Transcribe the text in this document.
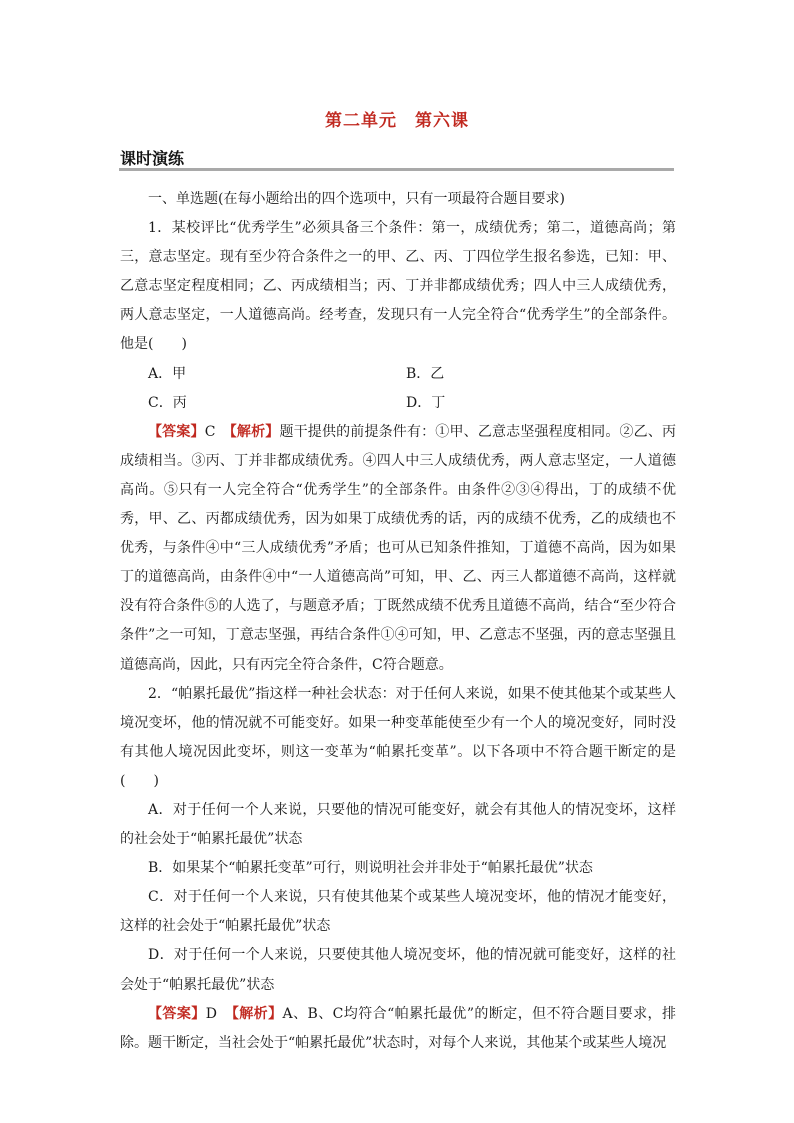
第二单元　第六课
课时演练

一、单选题(在每小题给出的四个选项中，只有一项最符合题目要求)

1．某校评比“优秀学生”必须具备三个条件：第一，成绩优秀；第二，道德高尚；第三，意志坚定。现有至少符合条件之一的甲、乙、丙、丁四位学生报名参选，已知：甲、乙意志坚定程度相同；乙、丙成绩相当；丙、丁并非都成绩优秀；四人中三人成绩优秀，两人意志坚定，一人道德高尚。经考查，发现只有一人完全符合“优秀学生”的全部条件。他是(　　)

A．甲	B．乙
C．丙	D．丁

【答案】C　 【解析】题干提供的前提条件有：①甲、乙意志坚强程度相同。②乙、丙成绩相当。③丙、丁并非都成绩优秀。④四人中三人成绩优秀，两人意志坚定，一人道德高尚。⑤只有一人完全符合“优秀学生”的全部条件。由条件②③④得出，丁的成绩不优秀，甲、乙、丙都成绩优秀，因为如果丁成绩优秀的话，丙的成绩不优秀，乙的成绩也不优秀，与条件④中“三人成绩优秀”矛盾；也可从已知条件推知，丁道德不高尚，因为如果丁的道德高尚，由条件④中“一人道德高尚”可知，甲、乙、丙三人都道德不高尚，这样就没有符合条件⑤的人选了，与题意矛盾；丁既然成绩不优秀且道德不高尚，结合“至少符合条件”之一可知，丁意志坚强，再结合条件①④可知，甲、乙意志不坚强，丙的意志坚强且道德高尚，因此，只有丙完全符合条件，C符合题意。

2．“帕累托最优”指这样一种社会状态：对于任何人来说，如果不使其他某个或某些人境况变坏，他的情况就不可能变好。如果一种变革能使至少有一个人的境况变好，同时没有其他人境况因此变坏，则这一变革为“帕累托变革”。以下各项中不符合题干断定的是(　　)

A．对于任何一个人来说，只要他的情况可能变好，就会有其他人的情况变坏，这样的社会处于“帕累托最优”状态

B．如果某个“帕累托变革”可行，则说明社会并非处于“帕累托最优”状态

C．对于任何一个人来说，只有使其他某个或某些人境况变坏，他的情况才能变好，这样的社会处于“帕累托最优”状态

D．对于任何一个人来说，只要使其他人境况变坏，他的情况就可能变好，这样的社会处于“帕累托最优”状态

【答案】D　 【解析】A、B、C均符合“帕累托最优”的断定，但不符合题目要求，排除。题干断定，当社会处于“帕累托最优”状态时，对每个人来说，其他某个或某些人境况
